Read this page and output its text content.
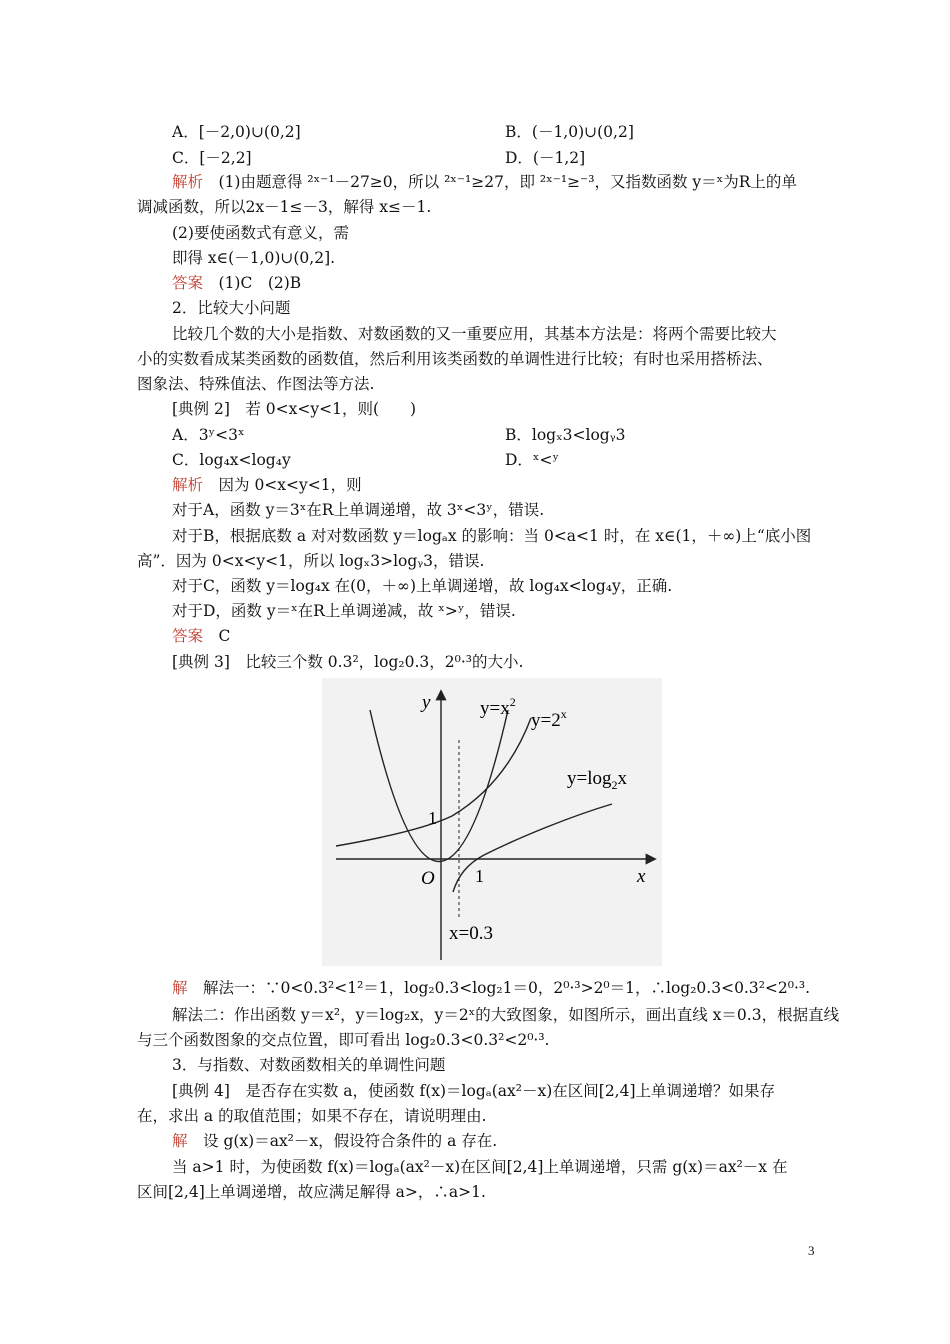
A．[－2,0)∪(0,2]	B．(－1,0)∪(0,2]
C．[－2,2]	D．(－1,2]
解析　(1)由题意得 ²ˣ⁻¹－27≥0，所以 ²ˣ⁻¹≥27，即 ²ˣ⁻¹≥⁻³，又指数函数 y＝ˣ为R上的单
调减函数，所以2x－1≤－3，解得 x≤－1.
(2)要使函数式有意义，需
即得 x∈(－1,0)∪(0,2].
答案　(1)C　(2)B
2．比较大小问题
比较几个数的大小是指数、对数函数的又一重要应用，其基本方法是：将两个需要比较大
小的实数看成某类函数的函数值，然后利用该类函数的单调性进行比较；有时也采用搭桥法、
图象法、特殊值法、作图法等方法.
[典例 2]　若 0<x<y<1，则(　　)
A．3ʸ<3ˣ	B．logₓ3<logᵧ3
C．log₄x<log₄y	D．ˣ<ʸ
解析　因为 0<x<y<1，则
对于A，函数 y＝3ˣ在R上单调递增，故 3ˣ<3ʸ，错误.
对于B，根据底数 a 对对数函数 y＝logₐx 的影响：当 0<a<1 时，在 x∈(1，＋∞)上“底小图
高”．因为 0<x<y<1，所以 logₓ3>logᵧ3，错误.
对于C，函数 y＝log₄x 在(0，＋∞)上单调递增，故 log₄x<log₄y，正确.
对于D，函数 y＝ˣ在R上单调递减，故 ˣ>ʸ，错误.
答案　C
[典例 3]　比较三个数 0.3²，log₂0.3，2⁰·³的大小.
y
x
O
1
1
$y=x^2$
$y=2^x$
$y=\log_2x$
x=0.3
解　解法一：∵0<0.3²<1²＝1，log₂0.3<log₂1＝0，2⁰·³>2⁰＝1，∴log₂0.3<0.3²<2⁰·³.
解法二：作出函数 y＝x²，y＝log₂x，y＝2ˣ的大致图象，如图所示，画出直线 x＝0.3，根据直线
与三个函数图象的交点位置，即可看出 log₂0.3<0.3²<2⁰·³.
3．与指数、对数函数相关的单调性问题
[典例 4]　是否存在实数 a，使函数 f(x)＝logₐ(ax²－x)在区间[2,4]上单调递增？如果存
在，求出 a 的取值范围；如果不存在，请说明理由.
解　设 g(x)＝ax²－x，假设符合条件的 a 存在.
当 a>1 时，为使函数 f(x)＝logₐ(ax²－x)在区间[2,4]上单调递增，只需 g(x)＝ax²－x 在
区间[2,4]上单调递增，故应满足解得 a>，∴a>1.
3
